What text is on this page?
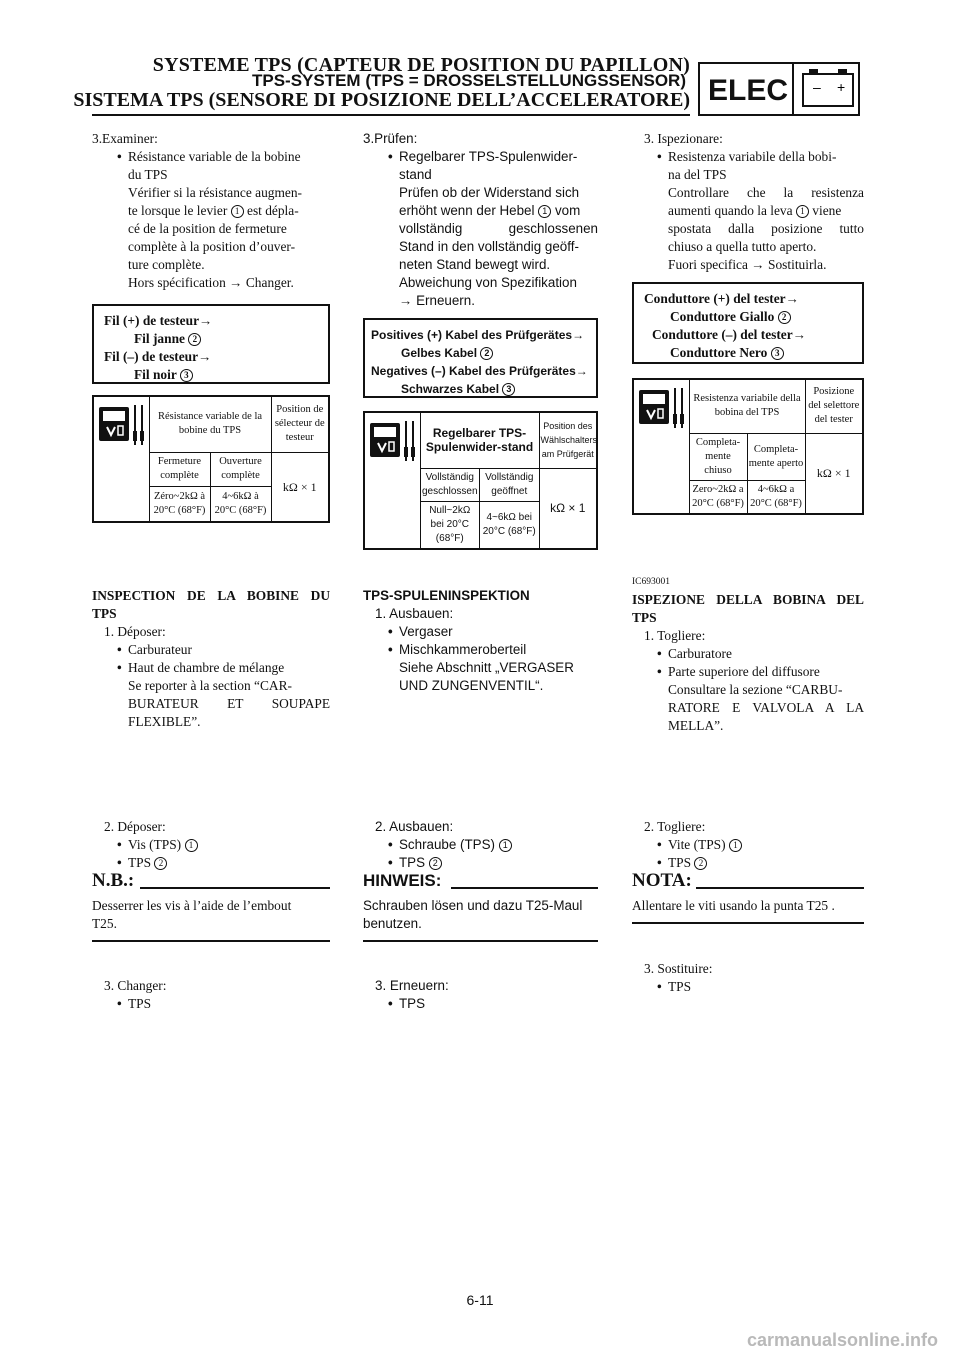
SYSTEME TPS (CAPTEUR DE POSITION DU PAPILLON)
TPS-SYSTEM (TPS = DROSSELSTELLUNGSSENSOR)
SISTEMA TPS (SENSORE DI POSIZIONE DELL’ACCELERATORE) ELEC – +
3.Examiner:
• Résistance variable de la bobine
du TPS
Vérifier si la résistance augmen-
te lorsque le levier 1 est dépla-
cé de la position de fermeture
complète à la position d’ouver-
ture complète.
Hors spécification → Changer.
Fil (+) de testeur→
Fil janne 2
Fil (–) de testeur→
Fil noir 3
	Résistance variable de la bobine du TPS		Position de sélecteur de testeur
	Fermeture complète	Ouverture complète	kΩ × 1
	Zéro~2kΩ à 20°C (68°F)	4~6kΩ à 20°C (68°F)	
INSPECTION DE LA BOBINE DU
TPS
1. Déposer:
• Carburateur
• Haut de chambre de mélange
Se reporter à la section “CAR-
BURATEUR ET SOUPAPE
FLEXIBLE”.
2. Déposer:
• Vis (TPS) 1
• TPS 2
N.B.:
Desserrer les vis à l’aide de l’embout
T25.
3. Changer:
• TPS
3.Prüfen:
• Regelbarer TPS-Spulenwider-
stand
Prüfen ob der Widerstand sich
erhöht wenn der Hebel 1 vom
vollständig geschlossenen
Stand in den vollständig geöff-
neten Stand bewegt wird.
Abweichung von Spezifikation
→ Erneuern.
Positives (+) Kabel des Prüfgerätes→
Gelbes Kabel 2
Negatives (–) Kabel des Prüfgerätes→
Schwarzes Kabel 3
	Regelbarer TPS-Spulenwider-stand		Position des Wählschalters am Prüfgerät
	Vollständig geschlossen	Vollständig geöffnet	kΩ × 1
	Null~2kΩ bei 20°C (68°F)	4~6kΩ bei 20°C (68°F)	
TPS-SPULENINSPEKTION
1. Ausbauen:
• Vergaser
• Mischkammeroberteil
Siehe Abschnitt „VERGASER
UND ZUNGENVENTIL“.
2. Ausbauen:
• Schraube (TPS) 1
• TPS 2
HINWEIS:
Schrauben lösen und dazu T25-Maul
benutzen.
3. Erneuern:
• TPS
3. Ispezionare:
• Resistenza variabile della bobi-
na del TPS
Controllare che la resistenza
aumenti quando la leva 1 viene
spostata dalla posizione tutto
chiuso a quella tutto aperto.
Fuori specifica → Sostituirla.
Conduttore (+) del tester→
Conduttore Giallo 2
Conduttore (–) del tester→
Conduttore Nero 3
	Resistenza variabile della bobina del TPS		Posizione del selettore del tester
	Completa-mente chiuso	Completa-mente aperto	kΩ × 1
	Zero~2kΩ a 20°C (68°F)	4~6kΩ a 20°C (68°F)	
IC693001
ISPEZIONE DELLA BOBINA DEL
TPS
1. Togliere:
• Carburatore
• Parte superiore del diffusore
Consultare la sezione “CARBU-
RATORE E VALVOLA A LA
MELLA”.
2. Togliere:
• Vite (TPS) 1
• TPS 2
NOTA:
Allentare le viti usando la punta T25 .
3. Sostituire:
• TPS
6-11
carmanualsonline.info
